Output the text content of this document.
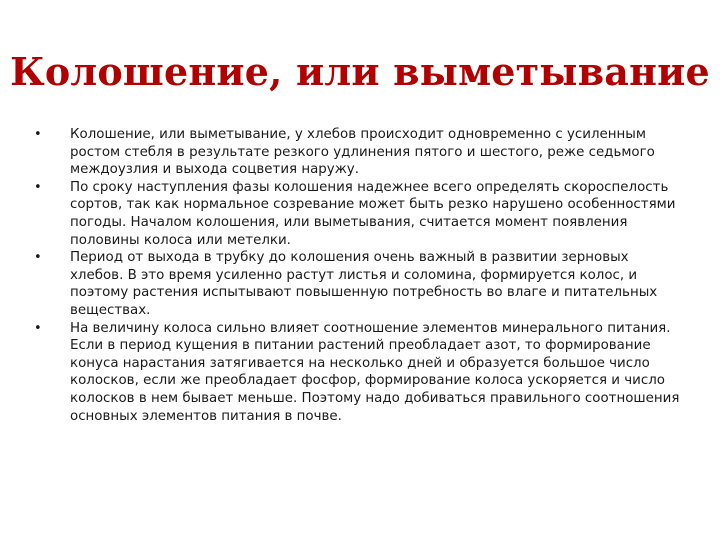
Колошение, или выметывание
•	Колошение, или выметывание, у хлебов происходит одновременно с усиленным ростом стебля в результате резкого удлинения пятого и шестого, реже седьмого междоузлия и выхода соцветия наружу.
•	По сроку наступления фазы колошения надежнее всего определять скороспелость сортов, так как нормальное созревание может быть резко нарушено особенностями погоды. Началом колошения, или выметывания, считается момент появления половины колоса или метелки.
•	Период от выхода в трубку до колошения очень важный в развитии зерновых хлебов. В это время усиленно растут листья и соломина, формируется колос, и поэтому растения испытывают повышенную потребность во влаге и питательных веществах.
•	На величину колоса сильно влияет соотношение элементов минерального питания. Если в период кущения в питании растений преобладает азот, то формирование конуса нарастания затягивается на несколько дней и образуется большое число колосков, если же преобладает фосфор, формирование колоса ускоряется и число колосков в нем бывает меньше. Поэтому надо добиваться правильного соотношения основных элементов питания в почве.
